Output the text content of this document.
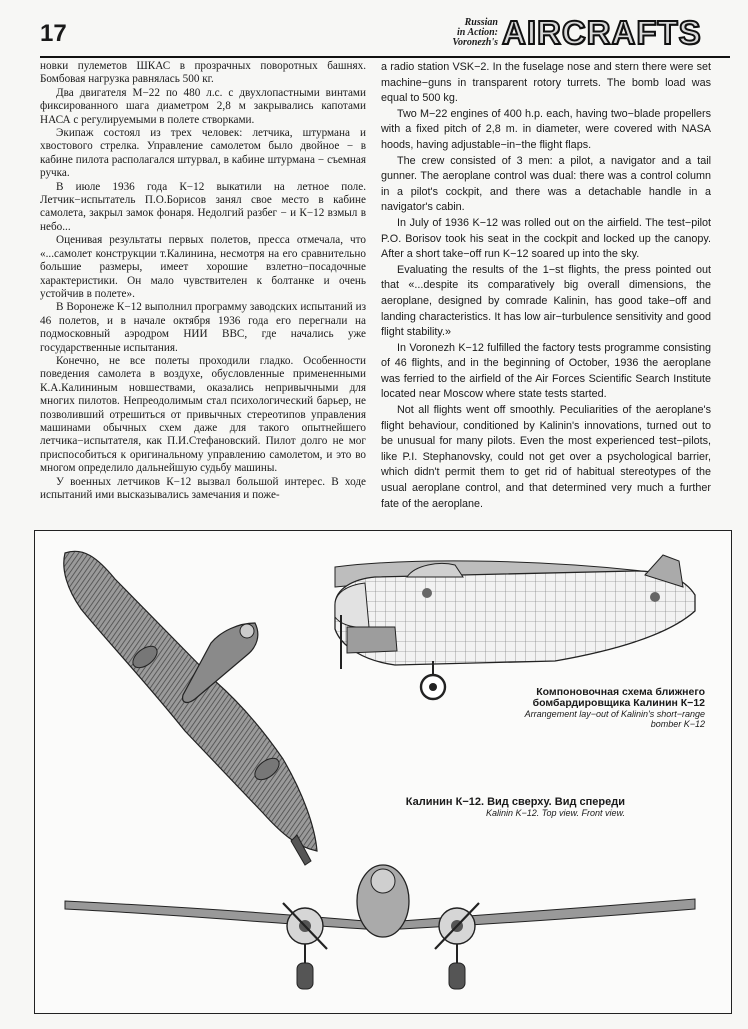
17	Russian
in Action:
Voronezh's AIRCRAFTS

новки пулеметов ШКАС в прозрачных поворотных башнях. Бомбовая нагрузка равнялась 500 кг.

Два двигателя М−22 по 480 л.с. с двухлопастными винтами фиксированного шага диаметром 2,8 м закрывались капотами НАСА с регулируемыми в полете створками.

Экипаж состоял из трех человек: летчика, штурмана и хвостового стрелка. Управление самолетом было двойное − в кабине пилота располагался штурвал, в кабине штурмана − съемная ручка.

В июле 1936 года К−12 выкатили на летное поле. Летчик−испытатель П.О.Борисов занял свое место в кабине самолета, закрыл замок фонаря. Недолгий разбег − и К−12 взмыл в небо...

Оценивая результаты первых полетов, пресса отмечала, что «...самолет конструкции т.Калинина, несмотря на его сравнительно большие размеры, имеет хорошие взлетно−посадочные характеристики. Он мало чувствителен к болтанке и очень устойчив в полете».

В Воронеже К−12 выполнил программу заводских испытаний из 46 полетов, и в начале октября 1936 года его перегнали на подмосковный аэродром НИИ ВВС, где начались уже государственные испытания.

Конечно, не все полеты проходили гладко. Особенности поведения самолета в воздухе, обусловленные примененными К.А.Калининым новшествами, оказались непривычными для многих пилотов. Непреодолимым стал психологический барьер, не позволивший отрешиться от привычных стереотипов управления машинами обычных схем даже для такого опытнейшего летчика−испытателя, как П.И.Стефановский. Пилот долго не мог приспособиться к оригинальному управлению самолетом, и это во многом определило дальнейшую судьбу машины.

У военных летчиков К−12 вызвал большой интерес. В ходе испытаний ими высказывались замечания и поже-

a radio station VSK−2. In the fuselage nose and stern there were set machine−guns in transparent rotory turrets. The bomb load was equal to 500 kg.

Two M−22 engines of 400 h.p. each, having two−blade propellers with a fixed pitch of 2,8 m. in diameter, were covered with NASA hoods, having adjustable−in−the flight flaps.

The crew consisted of 3 men: a pilot, a navigator and a tail gunner. The aeroplane control was dual: there was a control column in a pilot's cockpit, and there was a detachable handle in a navigator's cabin.

In July of 1936 K−12 was rolled out on the airfield. The test−pilot P.O. Borisov took his seat in the cockpit and locked up the canopy. After a short take−off run K−12 soared up into the sky.

Evaluating the results of the 1−st flights, the press pointed out that «...despite its comparatively big overall dimensions, the aeroplane, designed by comrade Kalinin, has good take−off and landing characteristics. It has low air−turbulence sensitivity and good flight stability.»

In Voronezh K−12 fulfilled the factory tests programme consisting of 46 flights, and in the beginning of October, 1936 the aeroplane was ferried to the airfield of the Air Forces Scientific Search Institute located near Moscow where state tests started.

Not all flights went off smoothly. Peculiarities of the aeroplane's flight behaviour, conditioned by Kalinin's innovations, turned out to be unusual for many pilots. Even the most experienced test−pilots, like P.I. Stephanovsky, could not get over a psychological barrier, which didn't permit them to get rid of habitual stereotypes of the usual aeroplane control, and that determined very much a further fate of the aeroplane.

Компоновочная схема ближнего
бомбардировщика Калинин К−12
Arrangement lay−out of Kalinin's short−range
bomber K−12
Калинин К−12. Вид сверху. Вид спереди
Kalinin K−12. Top view. Front view.
